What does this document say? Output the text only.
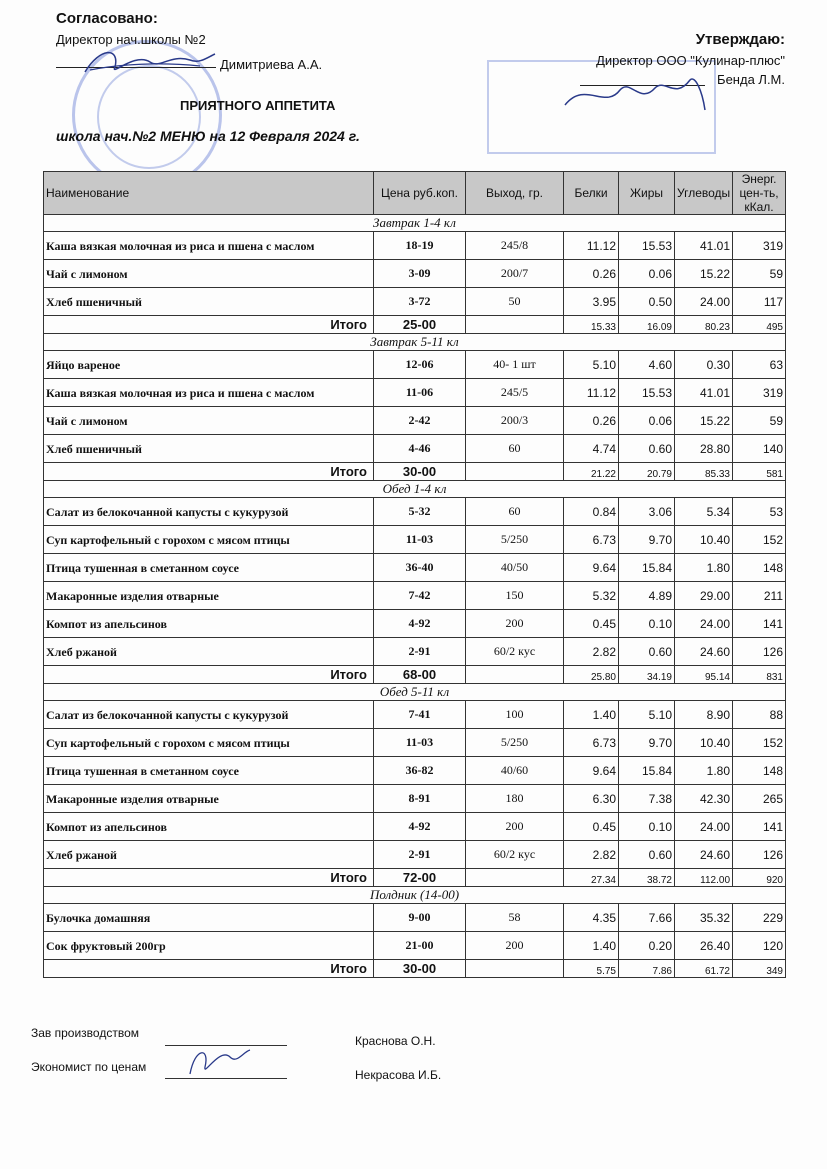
Согласовано:
Директор нач.школы №2
Димитриева А.А.
Утверждаю:
Директор ООО "Кулинар-плюс"
Бенда Л.М.
ПРИЯТНОГО АППЕТИТА
школа нач.№2 МЕНЮ на 12 Февраля 2024 г.
Наименование	Цена руб.коп.	Выход, гр.	Белки	Жиры	Углеводы	Энерг. цен-ть, кКал.
Завтрак 1-4 кл						
Каша вязкая молочная из риса и пшена с маслом	18-19	245/8	11.12	15.53	41.01	319
Чай с лимоном	3-09	200/7	0.26	0.06	15.22	59
Хлеб пшеничный	3-72	50	3.95	0.50	24.00	117
Итого	25-00		15.33	16.09	80.23	495
Завтрак 5-11 кл						
Яйцо вареное	12-06	40- 1 шт	5.10	4.60	0.30	63
Каша вязкая молочная из риса и пшена с маслом	11-06	245/5	11.12	15.53	41.01	319
Чай с лимоном	2-42	200/3	0.26	0.06	15.22	59
Хлеб пшеничный	4-46	60	4.74	0.60	28.80	140
Итого	30-00		21.22	20.79	85.33	581
Обед 1-4 кл						
Салат из белокочанной капусты с кукурузой	5-32	60	0.84	3.06	5.34	53
Суп картофельный с горохом с мясом птицы	11-03	5/250	6.73	9.70	10.40	152
Птица тушенная в сметанном соусе	36-40	40/50	9.64	15.84	1.80	148
Макаронные изделия отварные	7-42	150	5.32	4.89	29.00	211
Компот из апельсинов	4-92	200	0.45	0.10	24.00	141
Хлеб ржаной	2-91	60/2 кус	2.82	0.60	24.60	126
Итого	68-00		25.80	34.19	95.14	831
Обед 5-11 кл						
Салат из белокочанной капусты с кукурузой	7-41	100	1.40	5.10	8.90	88
Суп картофельный с горохом с мясом птицы	11-03	5/250	6.73	9.70	10.40	152
Птица тушенная в сметанном соусе	36-82	40/60	9.64	15.84	1.80	148
Макаронные изделия отварные	8-91	180	6.30	7.38	42.30	265
Компот из апельсинов	4-92	200	0.45	0.10	24.00	141
Хлеб ржаной	2-91	60/2 кус	2.82	0.60	24.60	126
Итого	72-00		27.34	38.72	112.00	920
Полдник (14-00)						
Булочка домашняя	9-00	58	4.35	7.66	35.32	229
Сок фруктовый 200гр	21-00	200	1.40	0.20	26.40	120
Итого	30-00		5.75	7.86	61.72	349
Зав производством
Краснова О.Н.
Экономист по ценам
Некрасова И.Б.
